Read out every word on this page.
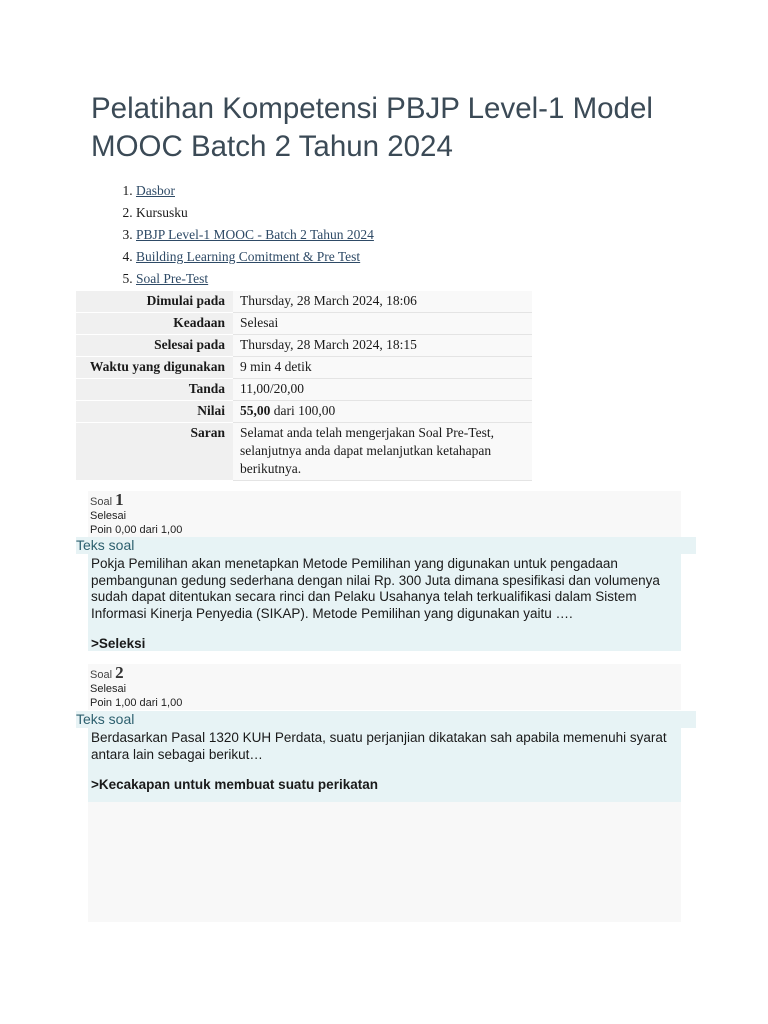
Pelatihan Kompetensi PBJP Level-1 Model MOOC Batch 2 Tahun 2024
1. Dasbor
2. Kursusku
3. PBJP Level-1 MOOC - Batch 2 Tahun 2024
4. Building Learning Comitment & Pre Test
5. Soal Pre-Test
Dimulai pada	Thursday, 28 March 2024, 18:06
Keadaan	Selesai
Selesai pada	Thursday, 28 March 2024, 18:15
Waktu yang digunakan	9 min 4 detik
Tanda	11,00/20,00
Nilai	55,00 dari 100,00
Saran	Selamat anda telah mengerjakan Soal Pre-Test, selanjutnya anda dapat melanjutkan ketahapan berikutnya.
Soal 1
Selesai
Poin 0,00 dari 1,00
Teks soal

Pokja Pemilihan akan menetapkan Metode Pemilihan yang digunakan untuk pengadaan pembangunan gedung sederhana dengan nilai Rp. 300 Juta dimana spesifikasi dan volumenya sudah dapat ditentukan secara rinci dan Pelaku Usahanya telah terkualifikasi dalam Sistem Informasi Kinerja Penyedia (SIKAP). Metode Pemilihan yang digunakan yaitu ….

>Seleksi

Soal 2
Selesai
Poin 1,00 dari 1,00
Teks soal

Berdasarkan Pasal 1320 KUH Perdata, suatu perjanjian dikatakan sah apabila memenuhi syarat antara lain sebagai berikut…

>Kecakapan untuk membuat suatu perikatan
